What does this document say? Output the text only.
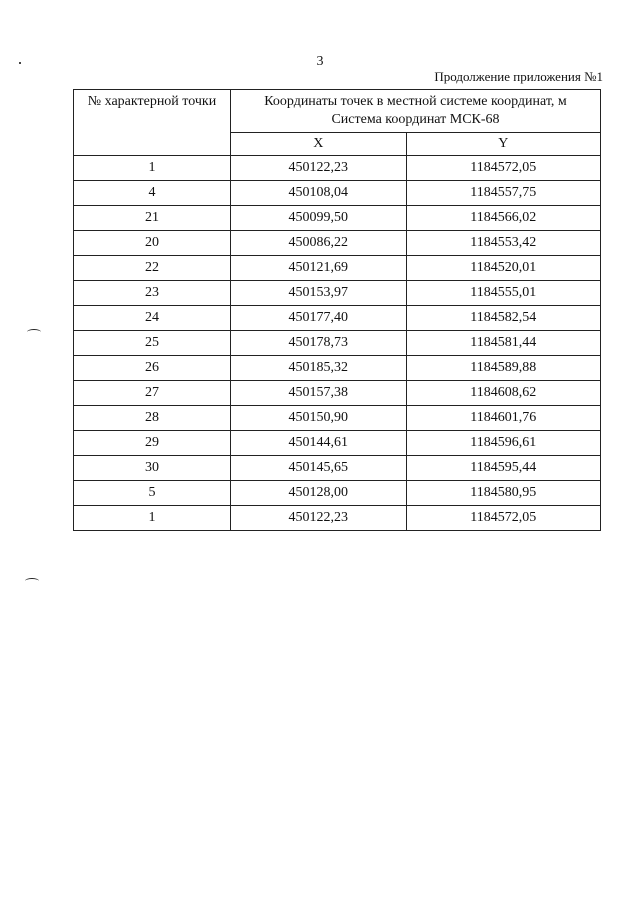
3
Продолжение приложения №1
№ характерной точки	Координаты точек в местной системе координат, м
Система координат МСК-68	

	X	Y
1	450122,23	1184572,05
4	450108,04	1184557,75
21	450099,50	1184566,02
20	450086,22	1184553,42
22	450121,69	1184520,01
23	450153,97	1184555,01
24	450177,40	1184582,54
25	450178,73	1184581,44
26	450185,32	1184589,88
27	450157,38	1184608,62
28	450150,90	1184601,76
29	450144,61	1184596,61
30	450145,65	1184595,44
5	450128,00	1184580,95
1	450122,23	1184572,05
